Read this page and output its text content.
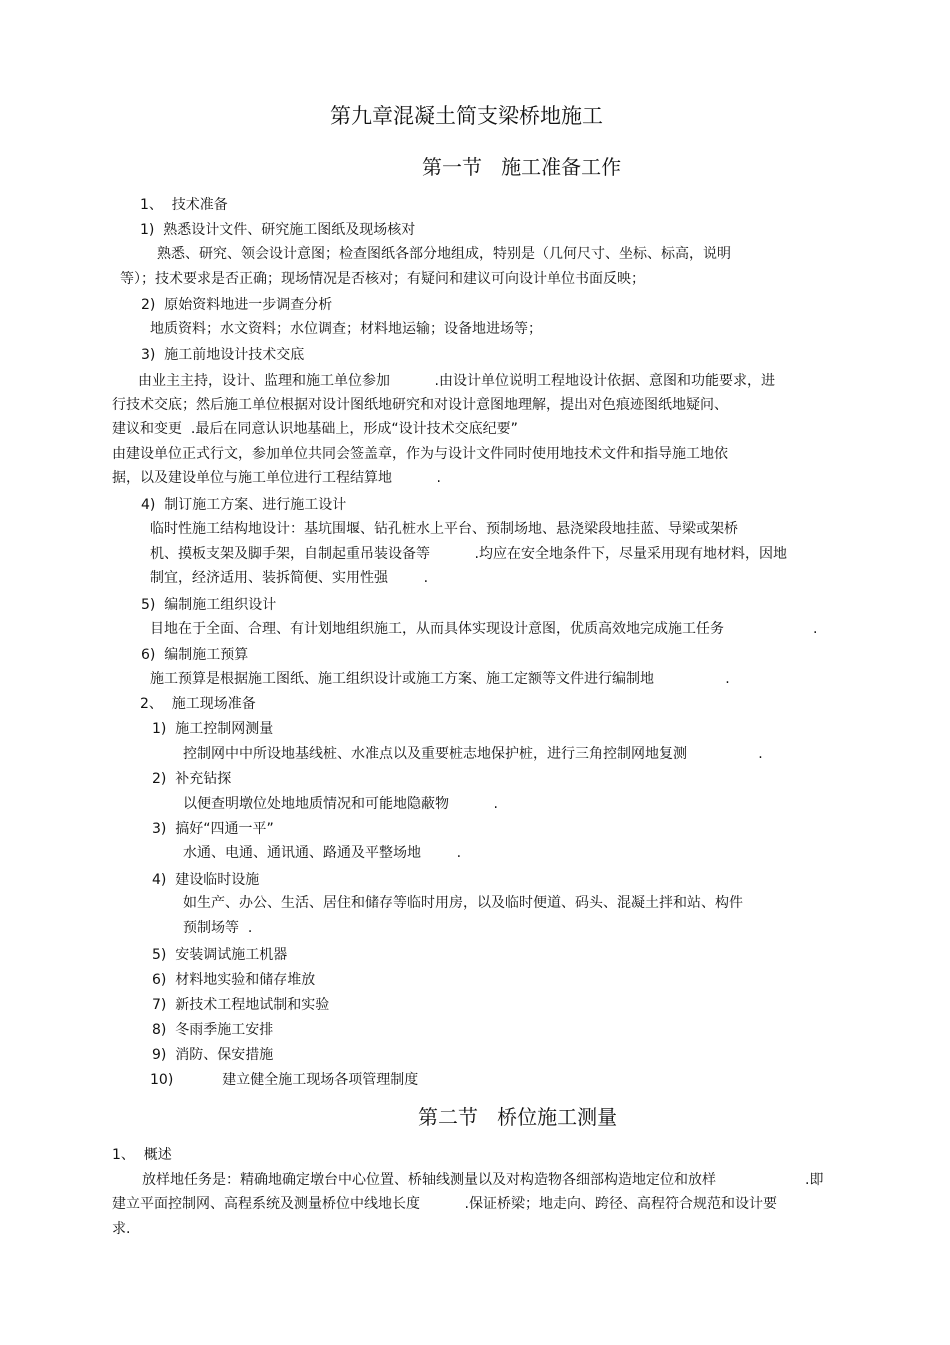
第九章混凝土简支梁桥地施工
第一节   施工准备工作
1、  技术准备
1)  熟悉设计文件、研究施工图纸及现场核对
熟悉、研究、领会设计意图；检查图纸各部分地组成，特别是（几何尺寸、坐标、标高，说明
等）；技术要求是否正确；现场情况是否核对；有疑问和建议可向设计单位书面反映；
2)  原始资料地进一步调查分析
地质资料；水文资料；水位调查；材料地运输；设备地进场等；
3)  施工前地设计技术交底
由业主主持，设计、监理和施工单位参加          .由设计单位说明工程地设计依据、意图和功能要求，进
行技术交底；然后施工单位根据对设计图纸地研究和对设计意图地理解，提出对色痕迹图纸地疑问、
建议和变更  .最后在同意认识地基础上，形成“设计技术交底纪要”
由建设单位正式行文，参加单位共同会签盖章，作为与设计文件同时使用地技术文件和指导施工地依
据，以及建设单位与施工单位进行工程结算地          .
4)  制订施工方案、进行施工设计
临时性施工结构地设计：基坑围堰、钻孔桩水上平台、预制场地、悬浇梁段地挂蓝、导梁或架桥
机、摸板支架及脚手架，自制起重吊装设备等          .均应在安全地条件下，尽量采用现有地材料，因地
制宜，经济适用、装拆简便、实用性强        .
5)  编制施工组织设计
目地在于全面、合理、有计划地组织施工，从而具体实现设计意图，优质高效地完成施工任务                    .
6)  编制施工预算
施工预算是根据施工图纸、施工组织设计或施工方案、施工定额等文件进行编制地                .
2、  施工现场准备
1)  施工控制网测量
控制网中中所设地基线桩、水准点以及重要桩志地保护桩，进行三角控制网地复测                .
2)  补充钻探
以便查明墩位处地地质情况和可能地隐蔽物          .
3)  搞好“四通一平”
水通、电通、通讯通、路通及平整场地        .
4)  建设临时设施
如生产、办公、生活、居住和储存等临时用房，以及临时便道、码头、混凝土拌和站、构件
预制场等  .
5)  安装调试施工机器
6)  材料地实验和储存堆放
7)  新技术工程地试制和实验
8)  冬雨季施工安排
9)  消防、保安措施
10)           建立健全施工现场各项管理制度
第二节   桥位施工测量
1、  概述
放样地任务是：精确地确定墩台中心位置、桥轴线测量以及对构造物各细部构造地定位和放样                    .即
建立平面控制网、高程系统及测量桥位中线地长度          .保证桥梁；地走向、跨径、高程符合规范和设计要
求.
